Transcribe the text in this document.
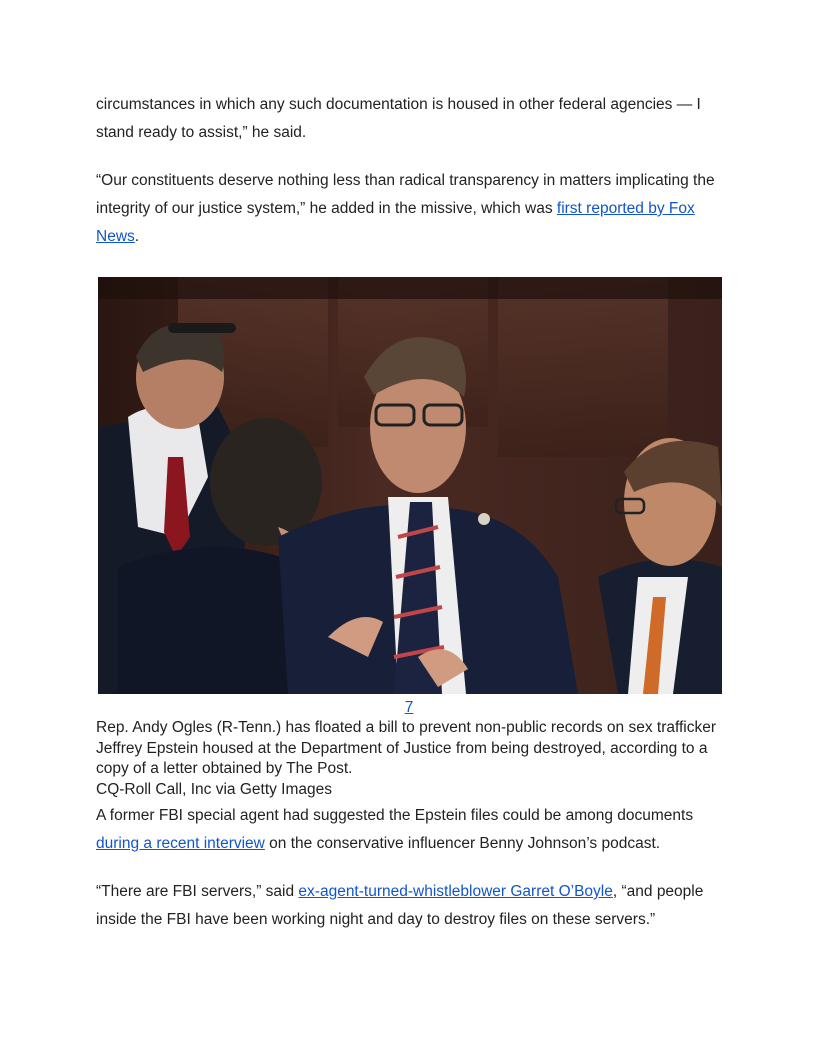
circumstances in which any such documentation is housed in other federal agencies — I stand ready to assist,” he said.

“Our constituents deserve nothing less than radical transparency in matters implicating the integrity of our justice system,” he added in the missive, which was first reported by Fox News.

7

Rep. Andy Ogles (R-Tenn.) has floated a bill to prevent non-public records on sex trafficker Jeffrey Epstein housed at the Department of Justice from being destroyed, according to a copy of a letter obtained by The Post.

CQ-Roll Call, Inc via Getty Images

A former FBI special agent had suggested the Epstein files could be among documents during a recent interview on the conservative influencer Benny Johnson’s podcast.

“There are FBI servers,” said ex-agent-turned-whistleblower Garret O’Boyle, “and people inside the FBI have been working night and day to destroy files on these servers.”
